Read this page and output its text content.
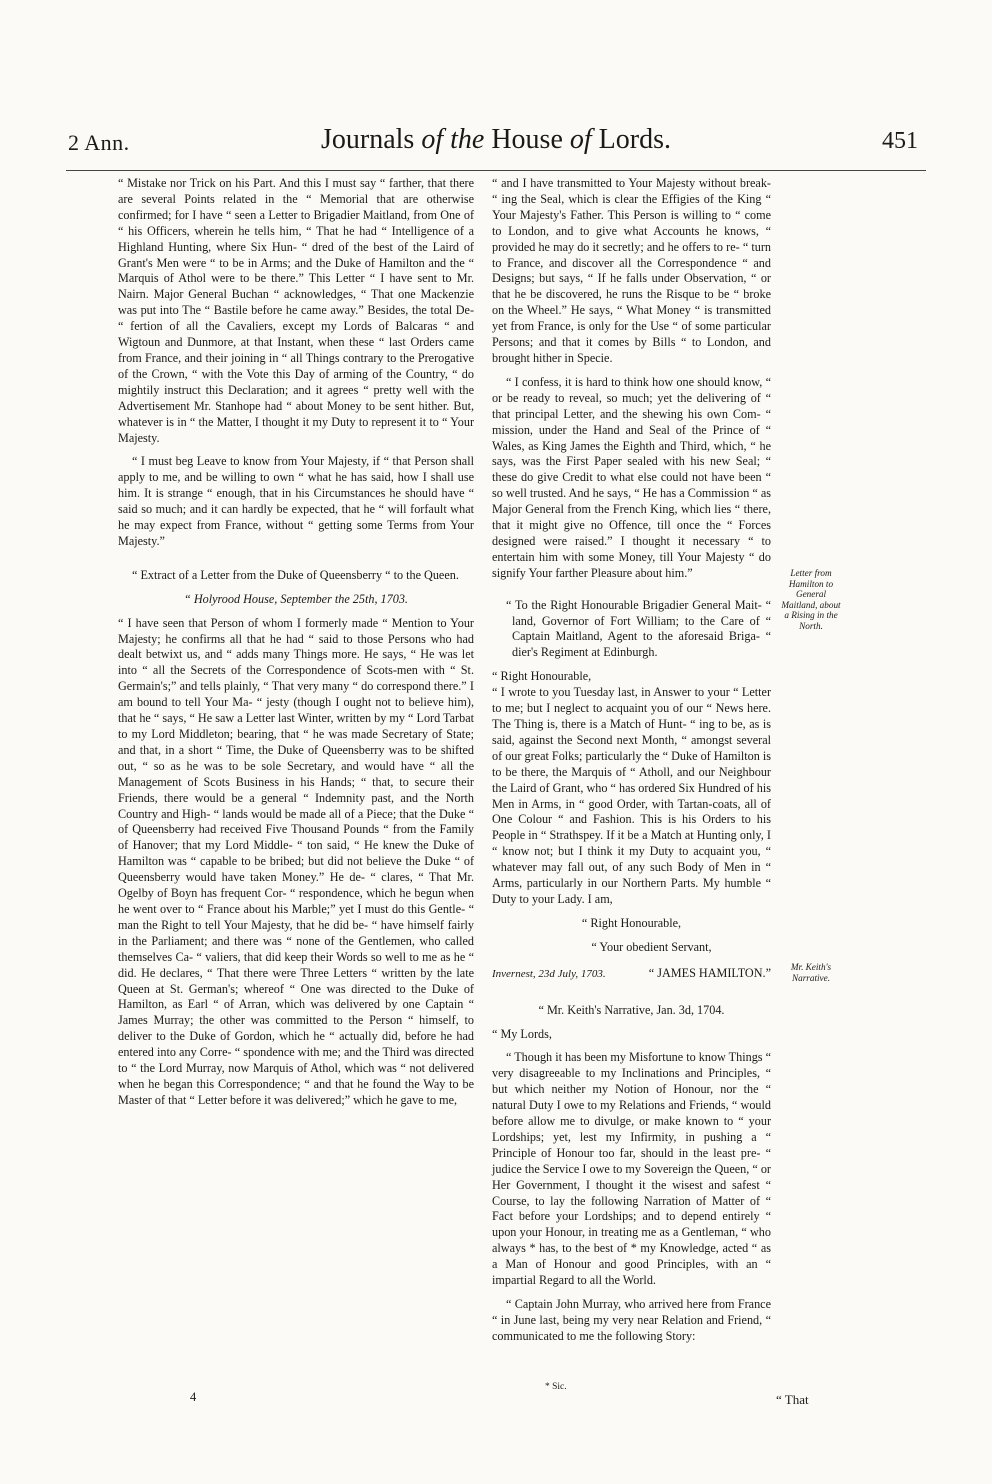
2 Ann.	Journals of the House of Lords.	451

“ Mistake nor Trick on his Part. And this I must say “ farther, that there are several Points related in the “ Memorial that are otherwise confirmed; for I have “ seen a Letter to Brigadier Maitland, from One of “ his Officers, wherein he tells him, “ That he had “ Intelligence of a Highland Hunting, where Six Hun- “ dred of the best of the Laird of Grant's Men were “ to be in Arms; and the Duke of Hamilton and the “ Marquis of Athol were to be there.” This Letter “ I have sent to Mr. Nairn. Major General Buchan “ acknowledges, “ That one Mackenzie was put into The “ Bastile before he came away.” Besides, the total De- “ fertion of all the Cavaliers, except my Lords of Balcaras “ and Wigtoun and Dunmore, at that Instant, when these “ last Orders came from France, and their joining in “ all Things contrary to the Prerogative of the Crown, “ with the Vote this Day of arming of the Country, “ do mightily instruct this Declaration; and it agrees “ pretty well with the Advertisement Mr. Stanhope had “ about Money to be sent hither. But, whatever is in “ the Matter, I thought it my Duty to represent it to “ Your Majesty.

“ I must beg Leave to know from Your Majesty, if “ that Person shall apply to me, and be willing to own “ what he has said, how I shall use him. It is strange “ enough, that in his Circumstances he should have “ said so much; and it can hardly be expected, that he “ will forfault what he may expect from France, without “ getting some Terms from Your Majesty.”

“ Extract of a Letter from the Duke of Queensberry “ to the Queen.

“ Holyrood House, September the 25th, 1703.

“ I have seen that Person of whom I formerly made “ Mention to Your Majesty; he confirms all that he had “ said to those Persons who had dealt betwixt us, and “ adds many Things more. He says, “ He was let into “ all the Secrets of the Correspondence of Scots-men with “ St. Germain's;” and tells plainly, “ That very many “ do correspond there.” I am bound to tell Your Ma- “ jesty (though I ought not to believe him), that he “ says, “ He saw a Letter last Winter, written by my “ Lord Tarbat to my Lord Middleton; bearing, that “ he was made Secretary of State; and that, in a short “ Time, the Duke of Queensberry was to be shifted out, “ so as he was to be sole Secretary, and would have “ all the Management of Scots Business in his Hands; “ that, to secure their Friends, there would be a general “ Indemnity past, and the North Country and High- “ lands would be made all of a Piece; that the Duke “ of Queensberry had received Five Thousand Pounds “ from the Family of Hanover; that my Lord Middle- “ ton said, “ He knew the Duke of Hamilton was “ capable to be bribed; but did not believe the Duke “ of Queensberry would have taken Money.” He de- “ clares, “ That Mr. Ogelby of Boyn has frequent Cor- “ respondence, which he begun when he went over to “ France about his Marble;” yet I must do this Gentle- “ man the Right to tell Your Majesty, that he did be- “ have himself fairly in the Parliament; and there was “ none of the Gentlemen, who called themselves Ca- “ valiers, that did keep their Words so well to me as he “ did. He declares, “ That there were Three Letters “ written by the late Queen at St. German's; whereof “ One was directed to the Duke of Hamilton, as Earl “ of Arran, which was delivered by one Captain “ James Murray; the other was committed to the Person “ himself, to deliver to the Duke of Gordon, which he “ actually did, before he had entered into any Corre- “ spondence with me; and the Third was directed to “ the Lord Murray, now Marquis of Athol, which was “ not delivered when he began this Correspondence; “ and that he found the Way to be Master of that “ Letter before it was delivered;” which he gave to me,

“ and I have transmitted to Your Majesty without break- “ ing the Seal, which is clear the Effigies of the King “ Your Majesty's Father. This Person is willing to “ come to London, and to give what Accounts he knows, “ provided he may do it secretly; and he offers to re- “ turn to France, and discover all the Correspondence “ and Designs; but says, “ If he falls under Observation, “ or that he be discovered, he runs the Risque to be “ broke on the Wheel.” He says, “ What Money “ is transmitted yet from France, is only for the Use “ of some particular Persons; and that it comes by Bills “ to London, and brought hither in Specie.

“ I confess, it is hard to think how one should know, “ or be ready to reveal, so much; yet the delivering of “ that principal Letter, and the shewing his own Com- “ mission, under the Hand and Seal of the Prince of “ Wales, as King James the Eighth and Third, which, “ he says, was the First Paper sealed with his new Seal; “ these do give Credit to what else could not have been “ so well trusted. And he says, “ He has a Commission “ as Major General from the French King, which lies “ there, that it might give no Offence, till once the “ Forces designed were raised.” I thought it necessary “ to entertain him with some Money, till Your Majesty “ do signify Your farther Pleasure about him.”

“ To the Right Honourable Brigadier General Mait- “ land, Governor of Fort William; to the Care of “ Captain Maitland, Agent to the aforesaid Briga- “ dier's Regiment at Edinburgh.

“ Right Honourable,

“ I wrote to you Tuesday last, in Answer to your “ Letter to me; but I neglect to acquaint you of our “ News here. The Thing is, there is a Match of Hunt- “ ing to be, as is said, against the Second next Month, “ amongst several of our great Folks; particularly the “ Duke of Hamilton is to be there, the Marquis of “ Atholl, and our Neighbour the Laird of Grant, who “ has ordered Six Hundred of his Men in Arms, in “ good Order, with Tartan-coats, all of One Colour “ and Fashion. This is his Orders to his People in “ Strathspey. If it be a Match at Hunting only, I “ know not; but I think it my Duty to acquaint you, “ whatever may fall out, of any such Body of Men in “ Arms, particularly in our Northern Parts. My humble “ Duty to your Lady. I am,

“ Right Honourable,

“ Your obedient Servant,

Invernest, 23d July, 1703.	“ JAMES HAMILTON.”

“ Mr. Keith's Narrative, Jan. 3d, 1704.

“ My Lords,

“ Though it has been my Misfortune to know Things “ very disagreeable to my Inclinations and Principles, “ but which neither my Notion of Honour, nor the “ natural Duty I owe to my Relations and Friends, “ would before allow me to divulge, or make known to “ your Lordships; yet, lest my Infirmity, in pushing a “ Principle of Honour too far, should in the least pre- “ judice the Service I owe to my Sovereign the Queen, “ or Her Government, I thought it the wisest and safest “ Course, to lay the following Narration of Matter of “ Fact before your Lordships; and to depend entirely “ upon your Honour, in treating me as a Gentleman, “ who always * has, to the best of * my Knowledge, acted “ as a Man of Honour and good Principles, with an “ impartial Regard to all the World.

“ Captain John Murray, who arrived here from France “ in June last, being my very near Relation and Friend, “ communicated to me the following Story:

Letter from Hamilton to General Maitland, about a Rising in the North.
Mr. Keith's Narrative.
4
* Sic.
“ That
